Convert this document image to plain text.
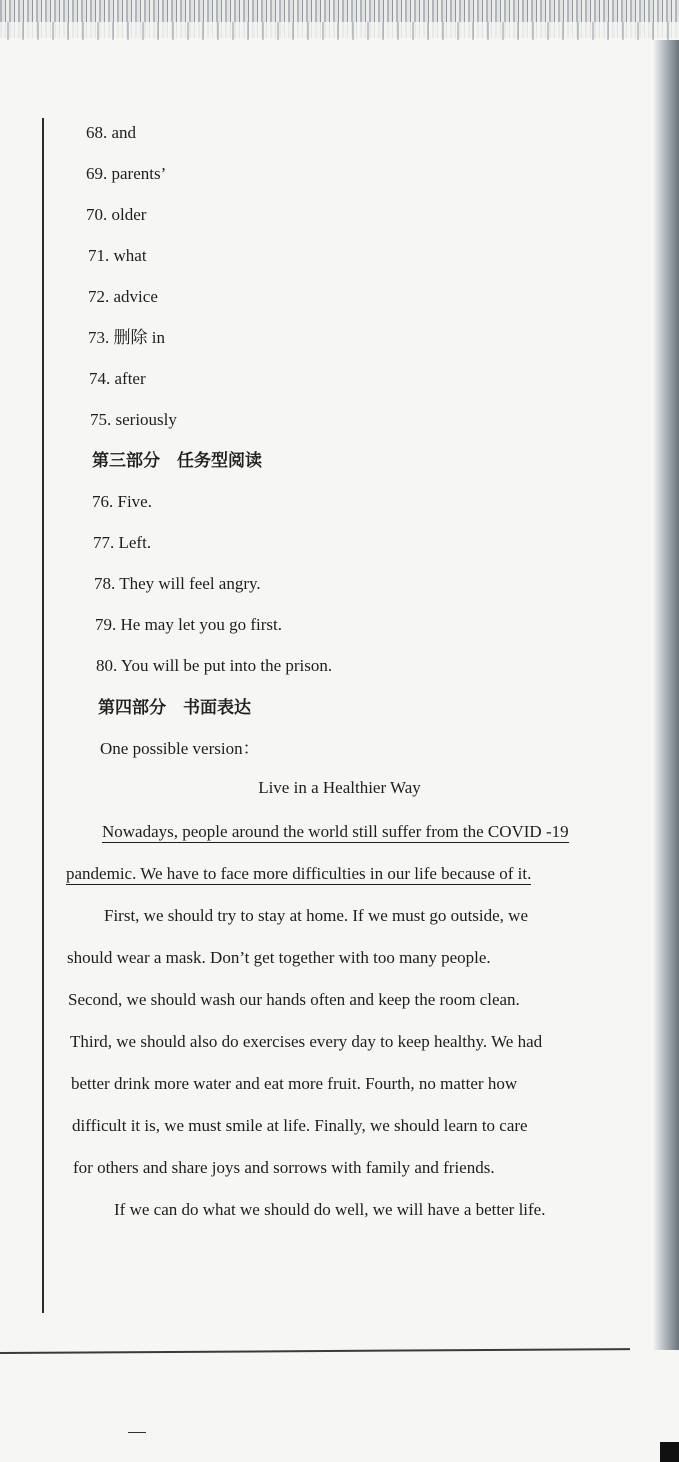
68. and
69. parents’
70. older
71. what
72. advice
73. 删除 in
74. after
75. seriously
第三部分　任务型阅读
76. Five.
77. Left.
78. They will feel angry.
79. He may let you go first.
80. You will be put into the prison.
第四部分　书面表达
One possible version：
Live in a Healthier Way
Nowadays, people around the world still suffer from the COVID -19
pandemic. We have to face more difficulties in our life because of it.
First, we should try to stay at home. If we must go outside, we
should wear a mask. Don’t get together with too many people.
Second, we should wash our hands often and keep the room clean.
Third, we should also do exercises every day to keep healthy. We had
better drink more water and eat more fruit. Fourth, no matter how
difficult it is, we must smile at life. Finally, we should learn to care
for others and share joys and sorrows with family and friends.
If we can do what we should do well, we will have a better life.
